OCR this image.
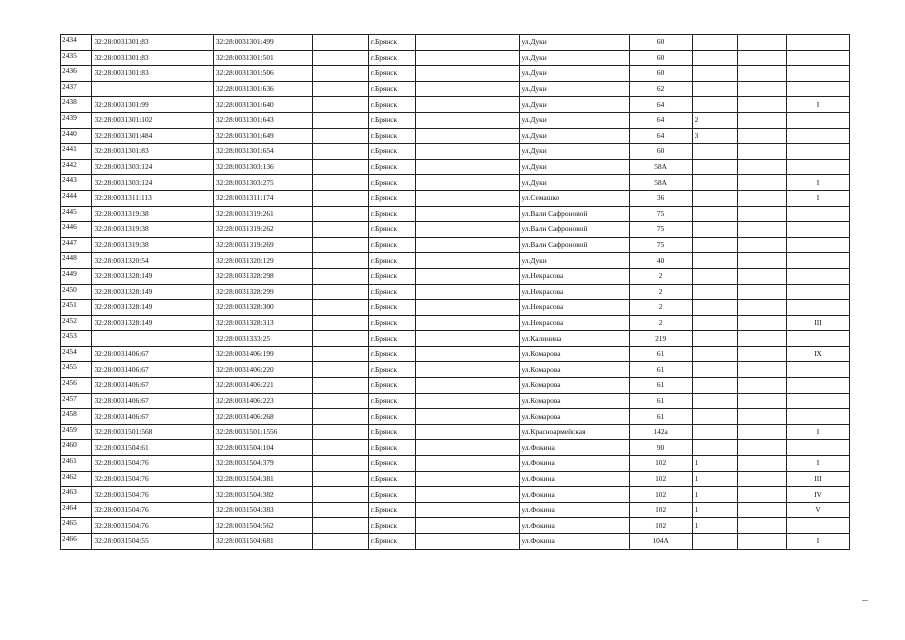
2434	32:28:0031301:83	32:28:0031301:499		г.Брянск		ул.Дуки	60			
2435	32:28:0031301:83	32:28:0031301:501		г.Брянск		ул.Дуки	60			
2436	32:28:0031301:83	32:28:0031301:506		г.Брянск		ул.Дуки	60			
2437		32:28:0031301:636		г.Брянск		ул.Дуки	62			
2438	32:28:0031301:99	32:28:0031301:640		г.Брянск		ул.Дуки	64			I
2439	32:28:0031301:102	32:28:0031301:643		г.Брянск		ул.Дуки	64	2		
2440	32:28:0031301:484	32:28:0031301:649		г.Брянск		ул.Дуки	64	3		
2441	32:28:0031301:83	32:28:0031301:654		г.Брянск		ул.Дуки	60			
2442	32:28:0031303:124	32:28:0031303:136		г.Брянск		ул.Дуки	58А			
2443	32:28:0031303:124	32:28:0031303:275		г.Брянск		ул.Дуки	58А			I
2444	32:28:0031311:113	32:28:0031311:174		г.Брянск		ул.Семашко	36			I
2445	32:28:0031319:38	32:28:0031319:261		г.Брянск		ул.Вали Сафроновой	75			
2446	32:28:0031319:38	32:28:0031319:262		г.Брянск		ул.Вали Сафроновой	75			
2447	32:28:0031319:38	32:28:0031319:269		г.Брянск		ул.Вали Сафроновой	75			
2448	32:28:0031320:54	32:28:0031320:129		г.Брянск		ул.Дуки	40			
2449	32:28:0031328:149	32:28:0031328:298		г.Брянск		ул.Некрасова	2			
2450	32:28:0031328:149	32:28:0031328:299		г.Брянск		ул.Некрасова	2			
2451	32:28:0031328:149	32:28:0031328:300		г.Брянск		ул.Некрасова	2			
2452	32:28:0031328:149	32:28:0031328:313		г.Брянск		ул.Некрасова	2			III
2453		32:28:0031333:25		г.Брянск		ул.Калинина	219			
2454	32:28:0031406:67	32:28:0031406:199		г.Брянск		ул.Комарова	61			IX
2455	32:28:0031406:67	32:28:0031406:220		г.Брянск		ул.Комарова	61			
2456	32:28:0031406:67	32:28:0031406:221		г.Брянск		ул.Комарова	61			
2457	32:28:0031406:67	32:28:0031406:223		г.Брянск		ул.Комарова	61			
2458	32:28:0031406:67	32:28:0031406:268		г.Брянск		ул.Комарова	61			
2459	32:28:0031501:568	32:28:0031501:1556		г.Брянск		ул.Красноармейская	142а			I
2460	32:28:0031504:61	32:28:0031504:104		г.Брянск		ул.Фокина	90			
2461	32:28:0031504:76	32:28:0031504:379		г.Брянск		ул.Фокина	102	1		I
2462	32:28:0031504:76	32:28:0031504:381		г.Брянск		ул.Фокина	102	1		III
2463	32:28:0031504:76	32:28:0031504:382		г.Брянск		ул.Фокина	102	1		IV
2464	32:28:0031504:76	32:28:0031504:383		г.Брянск		ул.Фокина	102	1		V
2465	32:28:0031504:76	32:28:0031504:562		г.Брянск		ул.Фокина	102	1		
2466	32:28:0031504:55	32:28:0031504:681		г.Брянск		ул.Фокина	104А			I
